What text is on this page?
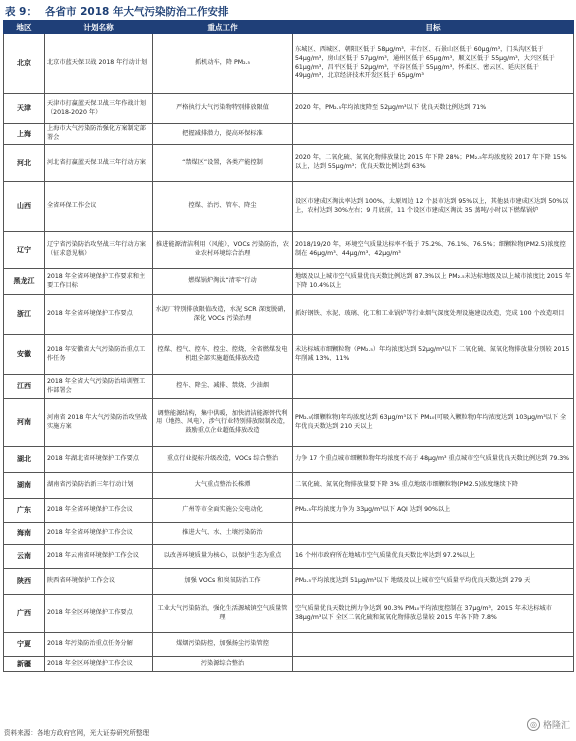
表 9： 各省市 2018 年大气污染防治工作安排
地区	计划名称	重点工作	目标
北京	北京市蓝天保卫战 2018 年行动计划	抓机动车，降 PM₂.₅	东城区、西城区、朝阳区低于 58μg/m³，丰台区、石景山区低于 60μg/m³，门头沟区低于 54μg/m³，房山区低于 57μg/m³，通州区低于 65μg/m³，顺义区低于 55μg/m³，大兴区低于 61μg/m³，昌平区低于 52μg/m³，平谷区低于 55μg/m³，怀柔区、密云区、延庆区低于 49μg/m³，北京经济技术开发区低于 65μg/m³
天津	天津市打赢蓝天保卫战三年作战计划（2018-2020 年）	严格执行大气污染物特别排放限值	2020 年，PM₂.₅年均浓度降至 52μg/m³以下 优良天数比例达到 71%
上海	上海市大气污染防治强化方案制定部署会	把握减排潜力，提高环保标准	
河北	河北省打赢蓝天保卫战三年行动方案	“禁煤区”设置，各类产能控制	2020 年，二氧化硫、氮氧化物排放量比 2015 年下降 28%；PM₂.₅年均浓度较 2017 年下降 15%以上，达到 55μg/m³；优良天数比例达到 63%
山西	全省环保工作会议	控煤、治污、管车、降尘	设区市建成区淘汰率达到 100%，太原周边 12 个县市达到 95%以上，其他县市建成区达到 50%以上，农村达到 30%左右；9 月底前，11 个设区市建成区淘汰 35 蒸吨/小时以下燃煤锅炉
辽宁	辽宁省污染防治攻坚战三年行动方案（征求意见稿）	推进能源清洁利用（风能），VOCs 污染防治，农业农村环境综合治理	2018/19/20 年，环境空气质量达标率不低于 75.2%、76.1%、76.5%；细颗粒物(PM2.5)浓度控制在 46μg/m³、44μg/m³、42μg/m³
黑龙江	2018 年全省环境保护工作要求和主要工作目标	燃煤锅炉淘汰“清零”行动	地级及以上城市空气质量优良天数比例达到 87.3%以上 PM₂.₅未达标地级及以上城市浓度比 2015 年下降 10.4%以上
浙江	2018 年全省环境保护工作要点	水泥厂特别排放限值改造，水泥 SCR 深度脱硝，深化 VOCs 污染治理	抓好钢铁、水泥、玻璃、化工和工业锅炉等行业烟气深度处理设施建设改造，完成 100 个改造项目
安徽	2018 年安徽省大气污染防治重点工作任务	控煤、控气、控车、控尘、控烧，全省燃煤发电机组全部实施超低排放改造	未达标城市细颗粒物（PM₂.₅）年均浓度达到 52μg/m³以下 二氧化硫、氮氧化物排放量分别较 2015 年削减 13%、11%
江西	2018 年全省大气污染防治培训暨工作部署会	控车、降尘、减排、禁烧、少油烟	
河南	河南省 2018 年大气污染防治攻坚战实施方案	调整能源结构，集中供暖，加快清洁能源替代利用（地热、风电），涉气行业特别排放限制改造，鼓励重点企业超低排放改造	PM₂.₅(细颗粒物)年均浓度达到 63μg/m³以下 PM₁₀(可吸入颗粒物)年均浓度达到 103μg/m³以下 全年优良天数达到 210 天以上
湖北	2018 年湖北省环境保护工作要点	重点行业提标升级改造，VOCs 综合整治	力争 17 个重点城市细颗粒物年均浓度不高于 48μg/m³ 重点城市空气质量优良天数比例达到 79.3%
湖南	湖南省污染防治新三年行动计划	大气重点整治长株潭	二氧化硫、氮氧化物排放量要下降 3% 重点地级市细颗粒物(PM2.5)浓度继续下降
广东	2018 年全省环境保护工作会议	广州等市全面实施公交电动化	PM₂.₅年均浓度力争为 33μg/m³以下 AQI 达到 90%以上
海南	2018 年全省环境保护工作会议	推进大气、水、土壤污染防治	
云南	2018 年云南省环境保护工作会议	以改善环境质量为核心，以保护生态为重点	16 个州市政府所在地城市空气质量优良天数比率达到 97.2%以上
陕西	陕西省环境保护工作会议	加强 VOCs 和臭氧防治工作	PM₂.₅平均浓度达到 51μg/m³以下 地级及以上城市空气质量平均优良天数达到 279 天
广西	2018 年全区环境保护工作要点	工业大气污染防治，强化生活源城镇空气质量管理	空气质量优良天数比例力争达到 90.3% PM₁₀平均浓度控制在 37μg/m³，2015 年未达标城市 38μg/m³以下 全区二氧化硫和氮氧化物排放总量较 2015 年各下降 7.8%
宁夏	2018 年污染防治重点任务分解	煤烟污染防控，加强扬尘污染管控	
新疆	2018 年全区环境保护工作会议	污染源综合整治	
资料来源：各地方政府官网，光大证券研究所整理
◎ 格隆汇
